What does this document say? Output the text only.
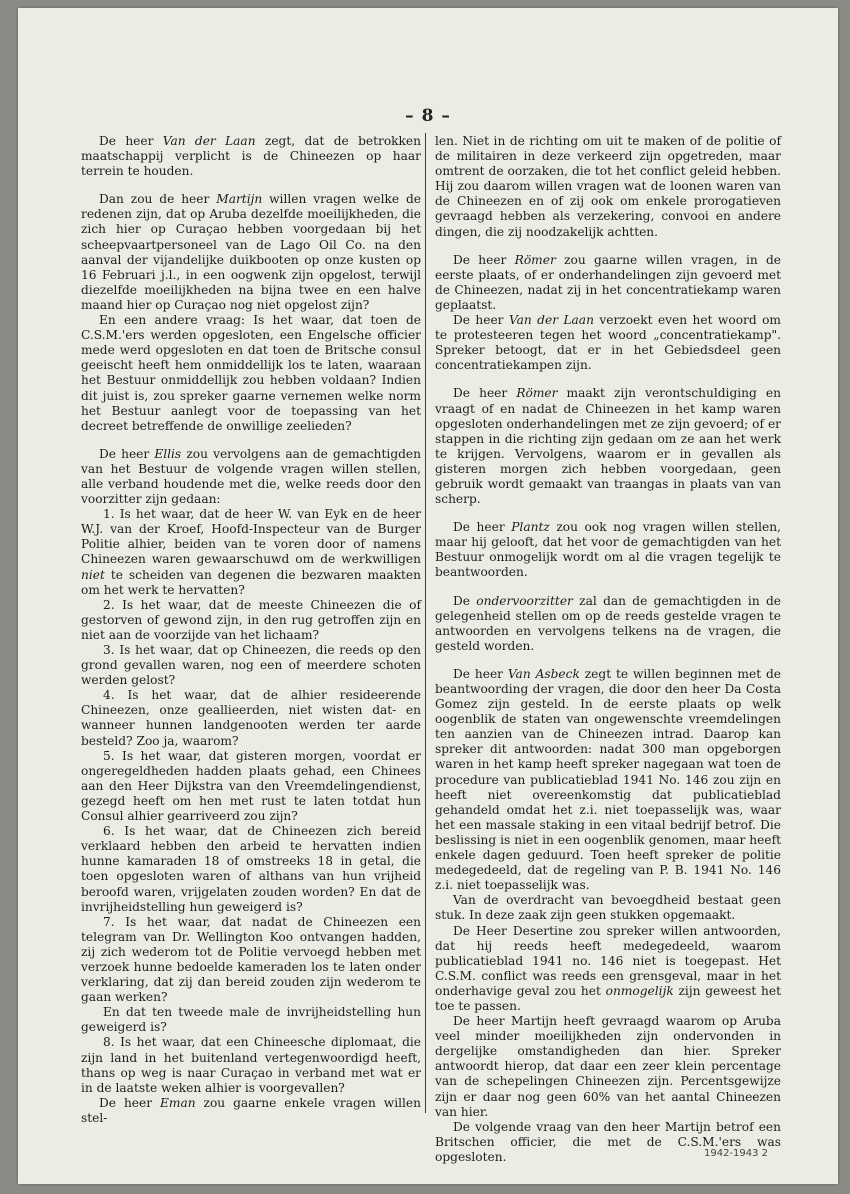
– 8 –

De heer Van der Laan zegt, dat de betrokken maatschappij verplicht is de Chineezen op haar terrein te houden.

Dan zou de heer Martijn willen vragen welke de redenen zijn, dat op Aruba dezelfde moeilijkheden, die zich hier op Curaçao hebben voorgedaan bij het scheepvaartpersoneel van de Lago Oil Co. na den aanval der vijandelijke duikbooten op onze kusten op 16 Februari j.l., in een oogwenk zijn opgelost, terwijl diezelfde moeilijkheden na bijna twee en een halve maand hier op Curaçao nog niet opgelost zijn?

En een andere vraag: Is het waar, dat toen de C.S.M.'ers werden opgesloten, een Engelsche officier mede werd opgesloten en dat toen de Britsche consul geeischt heeft hem onmiddellijk los te laten, waaraan het Bestuur onmiddellijk zou hebben voldaan? Indien dit juist is, zou spreker gaarne vernemen welke norm het Bestuur aanlegt voor de toepassing van het decreet betreffende de onwillige zeelieden?

De heer Ellis zou vervolgens aan de gemachtigden van het Bestuur de volgende vragen willen stellen, alle verband houdende met die, welke reeds door den voorzitter zijn gedaan:

1. Is het waar, dat de heer W. van Eyk en de heer W.J. van der Kroef, Hoofd-Inspecteur van de Burger Politie alhier, beiden van te voren door of namens Chineezen waren gewaarschuwd om de werkwilligen niet te scheiden van degenen die bezwaren maakten om het werk te hervatten?

2. Is het waar, dat de meeste Chineezen die of gestorven of gewond zijn, in den rug getroffen zijn en niet aan de voorzijde van het lichaam?

3. Is het waar, dat op Chineezen, die reeds op den grond gevallen waren, nog een of meerdere schoten werden gelost?

4. Is het waar, dat de alhier resideerende Chineezen, onze geallieerden, niet wisten dat- en wanneer hunnen landgenooten werden ter aarde besteld? Zoo ja, waarom?

5. Is het waar, dat gisteren morgen, voordat er ongeregeldheden hadden plaats gehad, een Chinees aan den Heer Dijkstra van den Vreemdelingendienst, gezegd heeft om hen met rust te laten totdat hun Consul alhier gearriveerd zou zijn?

6. Is het waar, dat de Chineezen zich bereid verklaard hebben den arbeid te hervatten indien hunne kamaraden 18 of omstreeks 18 in getal, die toen opgesloten waren of althans van hun vrijheid beroofd waren, vrijgelaten zouden worden? En dat de invrijheidstelling hun geweigerd is?

7. Is het waar, dat nadat de Chineezen een telegram van Dr. Wellington Koo ontvangen hadden, zij zich wederom tot de Politie vervoegd hebben met verzoek hunne bedoelde kameraden los te laten onder verklaring, dat zij dan bereid zouden zijn wederom te gaan werken?

En dat ten tweede male de invrijheidstelling hun geweigerd is?

8. Is het waar, dat een Chineesche diplomaat, die zijn land in het buitenland vertegenwoordigd heeft, thans op weg is naar Curaçao in verband met wat er in de laatste weken alhier is voorgevallen?

De heer Eman zou gaarne enkele vragen willen stel-

len. Niet in de richting om uit te maken of de politie of de militairen in deze verkeerd zijn opgetreden, maar omtrent de oorzaken, die tot het conflict geleid hebben. Hij zou daarom willen vragen wat de loonen waren van de Chineezen en of zij ook om enkele prorogatieven gevraagd hebben als verzekering, convooi en andere dingen, die zij noodzakelijk achtten.

De heer Römer zou gaarne willen vragen, in de eerste plaats, of er onderhandelingen zijn gevoerd met de Chineezen, nadat zij in het concentratiekamp waren geplaatst.

De heer Van der Laan verzoekt even het woord om te protesteeren tegen het woord „concentratiekamp". Spreker betoogt, dat er in het Gebiedsdeel geen concentratiekampen zijn.

De heer Römer maakt zijn verontschuldiging en vraagt of en nadat de Chineezen in het kamp waren opgesloten onderhandelingen met ze zijn gevoerd; of er stappen in die richting zijn gedaan om ze aan het werk te krijgen. Vervolgens, waarom er in gevallen als gisteren morgen zich hebben voorgedaan, geen gebruik wordt gemaakt van traangas in plaats van van scherp.

De heer Plantz zou ook nog vragen willen stellen, maar hij gelooft, dat het voor de gemachtigden van het Bestuur onmogelijk wordt om al die vragen tegelijk te beantwoorden.

De ondervoorzitter zal dan de gemachtigden in de gelegenheid stellen om op de reeds gestelde vragen te antwoorden en vervolgens telkens na de vragen, die gesteld worden.

De heer Van Asbeck zegt te willen beginnen met de beantwoording der vragen, die door den heer Da Costa Gomez zijn gesteld. In de eerste plaats op welk oogenblik de staten van ongewenschte vreemdelingen ten aanzien van de Chineezen intrad. Daarop kan spreker dit antwoorden: nadat 300 man opgeborgen waren in het kamp heeft spreker nagegaan wat toen de procedure van publicatieblad 1941 No. 146 zou zijn en heeft niet overeenkomstig dat publicatieblad gehandeld omdat het z.i. niet toepasselijk was, waar het een massale staking in een vitaal bedrijf betrof. Die beslissing is niet in een oogenblik genomen, maar heeft enkele dagen geduurd. Toen heeft spreker de politie medegedeeld, dat de regeling van P. B. 1941 No. 146 z.i. niet toepasselijk was.

Van de overdracht van bevoegdheid bestaat geen stuk. In deze zaak zijn geen stukken opgemaakt.

De Heer Desertine zou spreker willen antwoorden, dat hij reeds heeft medegedeeld, waarom publicatieblad 1941 no. 146 niet is toegepast. Het C.S.M. conflict was reeds een grensgeval, maar in het onderhavige geval zou het onmogelijk zijn geweest het toe te passen.

De heer Martijn heeft gevraagd waarom op Aruba veel minder moeilijkheden zijn ondervonden in dergelijke omstandigheden dan hier. Spreker antwoordt hierop, dat daar een zeer klein percentage van de schepelingen Chineezen zijn. Percentsgewijze zijn er daar nog geen 60% van het aantal Chineezen van hier.

De volgende vraag van den heer Martijn betrof een Britschen officier, die met de C.S.M.'ers was opgesloten.	1942-1943 2
